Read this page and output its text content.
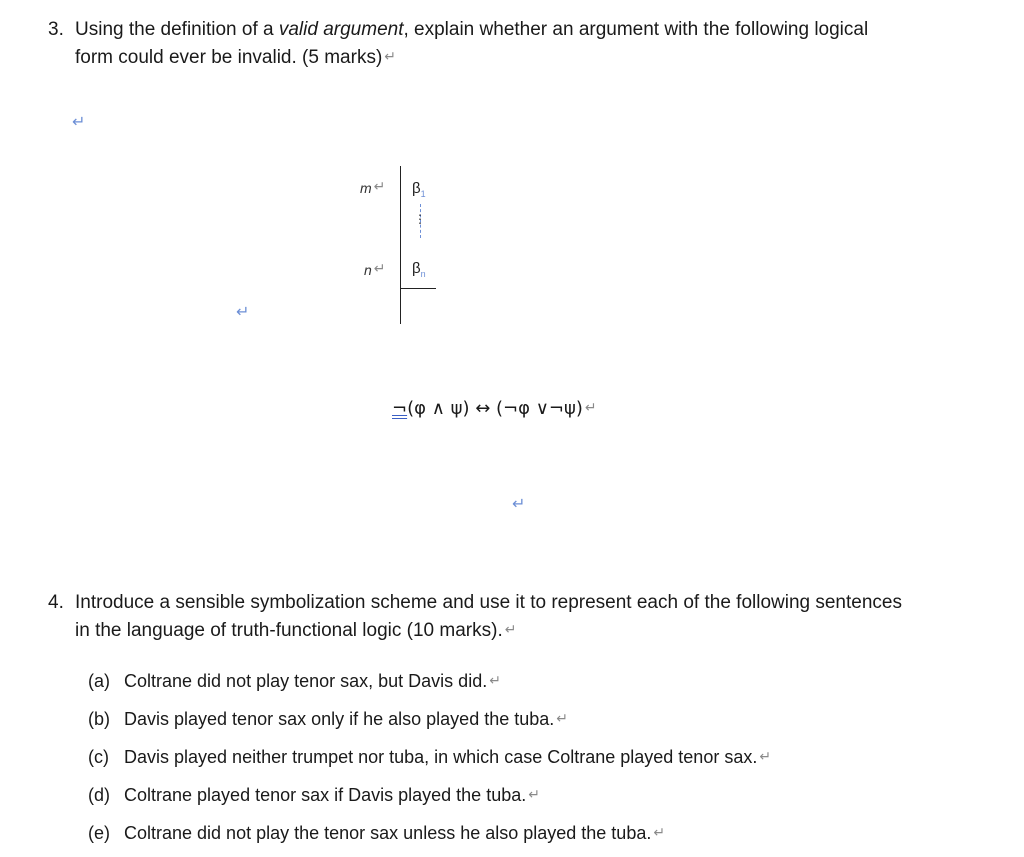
3. Using the definition of a valid argument, explain whether an argument with the following logical
form could ever be invalid. (5 marks) ↵
↵
m ↵
n ↵
$\beta_1$
⋮
$\beta_n$
↵
¬(φ ∧ ψ) ↔ (¬φ ∨¬ψ) ↵
↵
4. Introduce a sensible symbolization scheme and use it to represent each of the following sentences
in the language of truth-functional logic (10 marks). ↵
(a) Coltrane did not play tenor sax, but Davis did. ↵
(b) Davis played tenor sax only if he also played the tuba. ↵
(c) Davis played neither trumpet nor tuba, in which case Coltrane played tenor sax. ↵
(d) Coltrane played tenor sax if Davis played the tuba. ↵
(e) Coltrane did not play the tenor sax unless he also played the tuba. ↵
